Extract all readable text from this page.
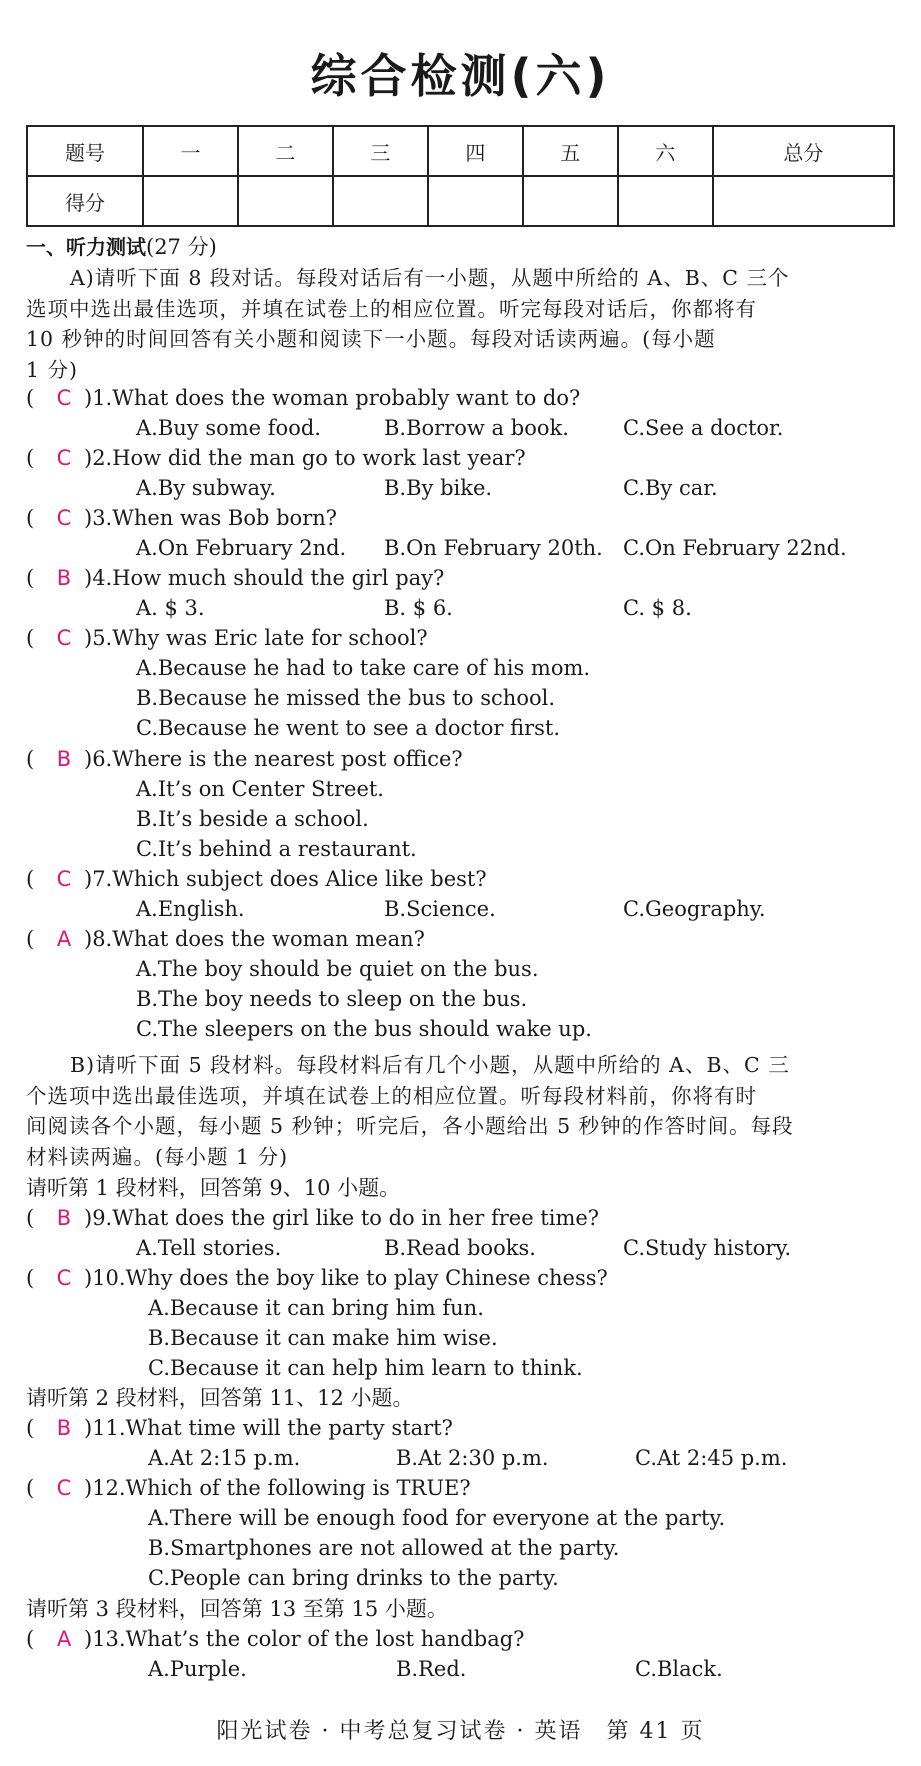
综合检测(六)
题号	一	二	三	四	五	六	总分
得分							
一、听力测试(27 分)
A)请听下面 8 段对话。每段对话后有一小题，从题中所给的 A、B、C 三个
选项中选出最佳选项，并填在试卷上的相应位置。听完每段对话后，你都将有
10 秒钟的时间回答有关小题和阅读下一小题。每段对话读两遍。(每小题
1 分)
B)请听下面 5 段材料。每段材料后有几个小题，从题中所给的 A、B、C 三
个选项中选出最佳选项，并填在试卷上的相应位置。听每段材料前，你将有时
间阅读各个小题，每小题 5 秒钟；听完后，各小题给出 5 秒钟的作答时间。每段
材料读两遍。(每小题 1 分)
请听第 1 段材料，回答第 9、10 小题。
请听第 2 段材料，回答第 11、12 小题。
请听第 3 段材料，回答第 13 至第 15 小题。
阳光试卷 · 中考总复习试卷 · 英语　第 41 页
( C )1.What does the woman probably want to do?
A.Buy some food.	B.Borrow a book.	C.See a doctor.
( C )2.How did the man go to work last year?
A.By subway.	B.By bike.	C.By car.
( C )3.When was Bob born?
A.On February 2nd. B.On February 20th. C.On February 22nd.
( B )4.How much should the girl pay?
A. $ 3.	B. $ 6.	C. $ 8.
( C )5.Why was Eric late for school?
A.Because he had to take care of his mom.
B.Because he missed the bus to school.
C.Because he went to see a doctor first.
( B )6.Where is the nearest post office?
A.It’s on Center Street.
B.It’s beside a school.
C.It’s behind a restaurant.
( C )7.Which subject does Alice like best?
A.English.	B.Science.	C.Geography.
( A )8.What does the woman mean?
A.The boy should be quiet on the bus.
B.The boy needs to sleep on the bus.
C.The sleepers on the bus should wake up.
( B )9.What does the girl like to do in her free time?
A.Tell stories.	B.Read books.	C.Study history.
( C )10.Why does the boy like to play Chinese chess?
A.Because it can bring him fun.
B.Because it can make him wise.
C.Because it can help him learn to think.
( B )11.What time will the party start?
A.At 2:15 p.m.	B.At 2:30 p.m.	C.At 2:45 p.m.
( C )12.Which of the following is TRUE?
A.There will be enough food for everyone at the party.
B.Smartphones are not allowed at the party.
C.People can bring drinks to the party.
( A )13.What’s the color of the lost handbag?
A.Purple.	B.Red.	C.Black.
